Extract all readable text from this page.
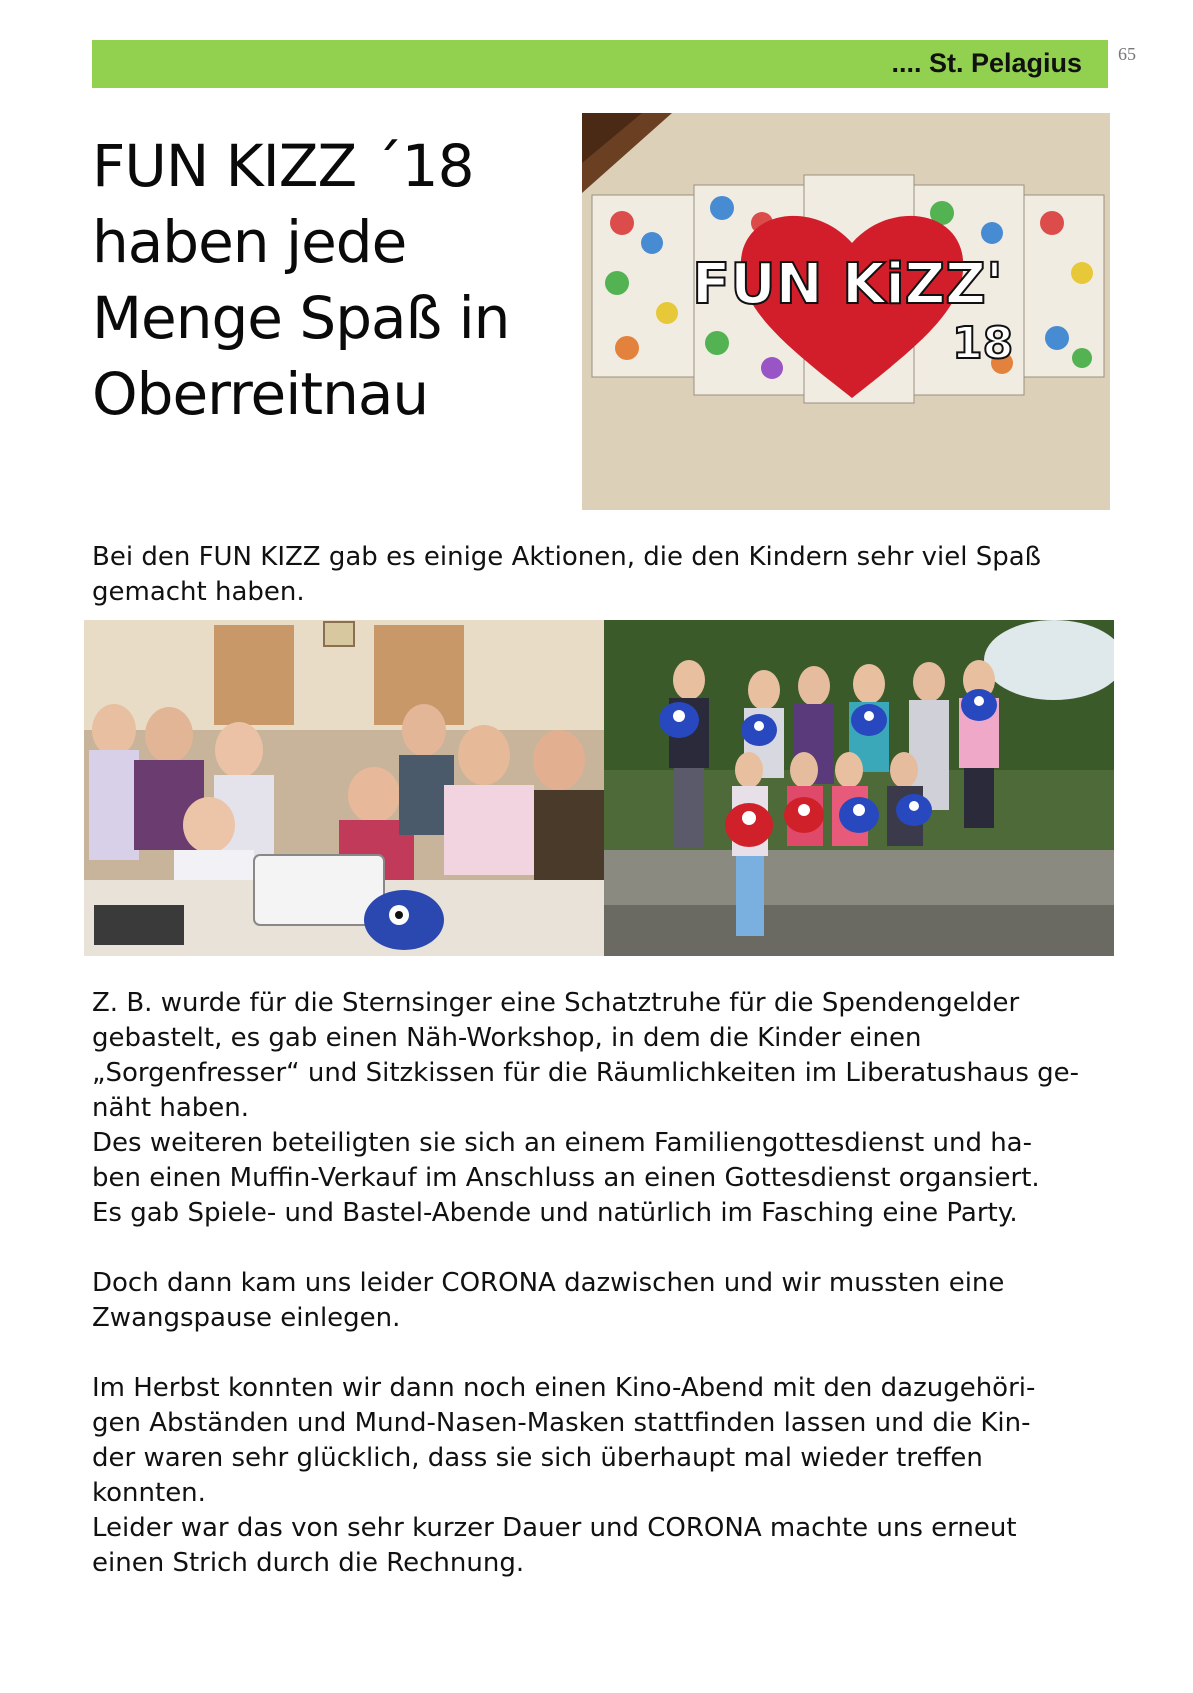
.... St. Pelagius 65
FUN KIZZ ´18
haben jede
Menge Spaß in
Oberreitnau
FUN KiZZ'
18

Bei den FUN KIZZ gab es einige Aktionen, die den Kindern sehr viel Spaß

gemacht haben.

Z. B. wurde für die Sternsinger eine Schatztruhe für die Spendengelder

gebastelt, es gab einen Näh-Workshop, in dem die Kinder einen

„Sorgenfresser“ und Sitzkissen für die Räumlichkeiten im Liberatushaus ge-

näht haben.

Des weiteren beteiligten sie sich an einem Familiengottesdienst und ha-

ben einen Muffin-Verkauf im Anschluss an einen Gottesdienst organsiert.

Es gab Spiele- und Bastel-Abende und natürlich im Fasching eine Party.

Doch dann kam uns leider CORONA dazwischen und wir mussten eine

Zwangspause einlegen.

Im Herbst konnten wir dann noch einen Kino-Abend mit den dazugehöri-

gen Abständen und Mund-Nasen-Masken stattfinden lassen und die Kin-

der waren sehr glücklich, dass sie sich überhaupt mal wieder treffen

konnten.

Leider war das von sehr kurzer Dauer und CORONA machte uns erneut

einen Strich durch die Rechnung.
